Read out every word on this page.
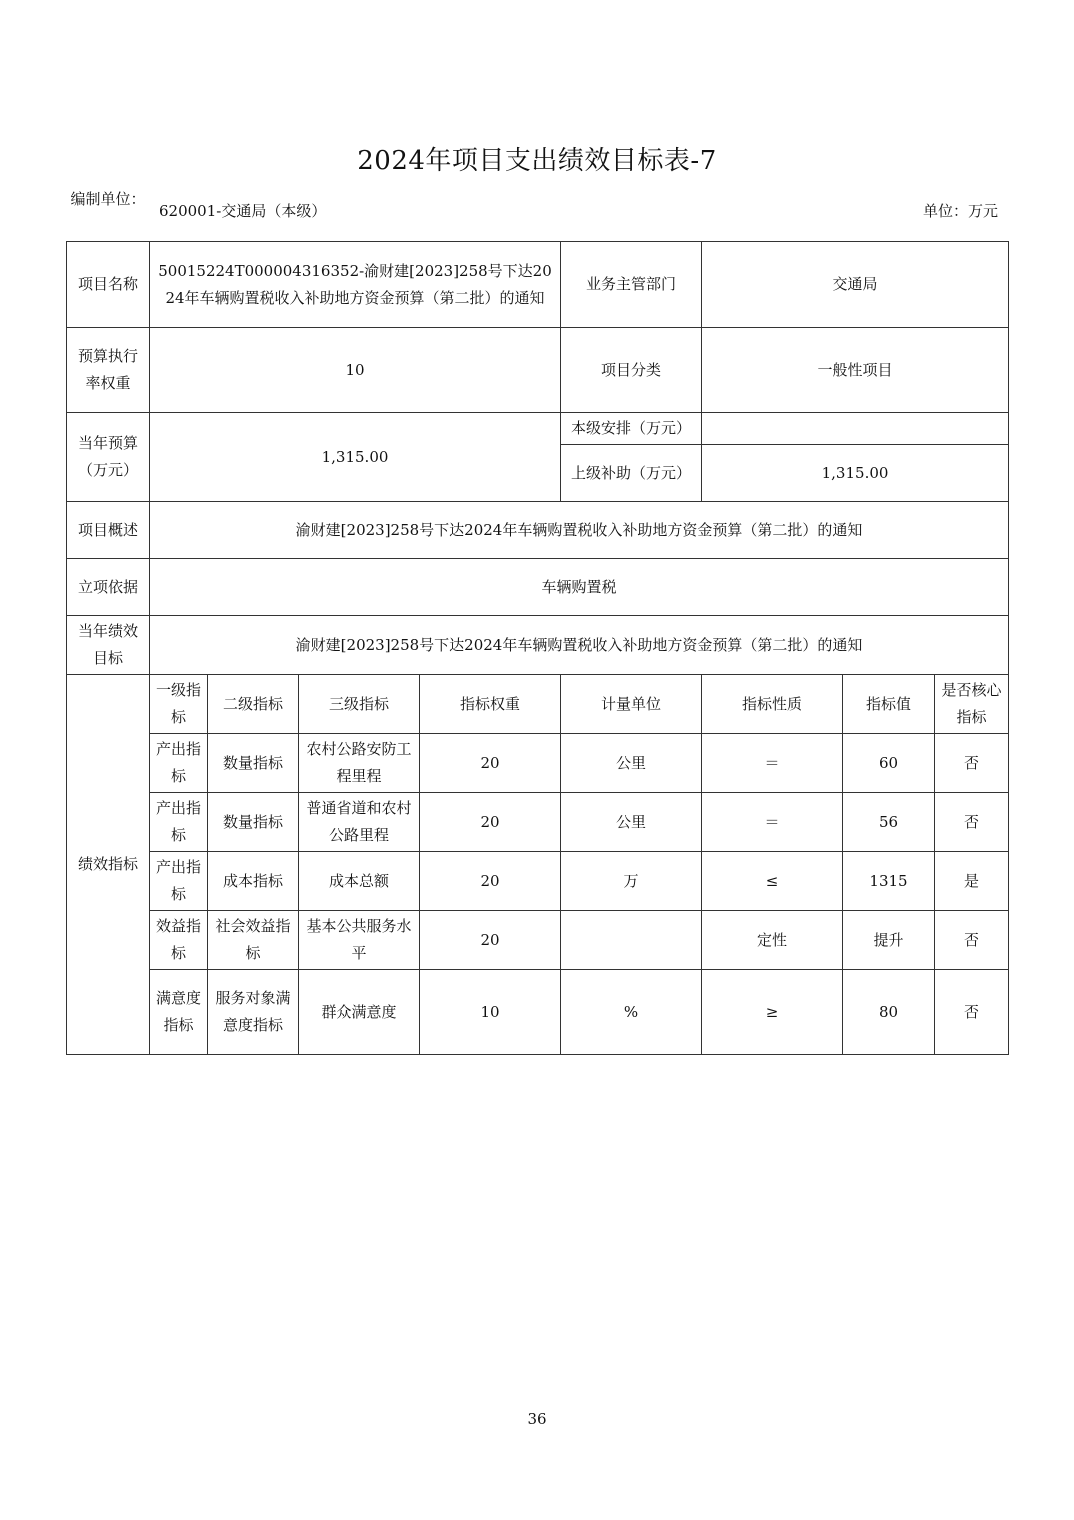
2024年项目支出绩效目标表-7
编制单位：
620001-交通局（本级）	单位：万元
项目名称	50015224T000004316352-渝财建[2023]258号下达2024年车辆购置税收入补助地方资金预算（第二批）的通知				业务主管部门	交通局		
预算执行率权重	10				项目分类	一般性项目		
当年预算（万元）	1,315.00				本级安排（万元）			
					上级补助（万元）	1,315.00		
项目概述	渝财建[2023]258号下达2024年车辆购置税收入补助地方资金预算（第二批）的通知							
立项依据	车辆购置税							
当年绩效目标	渝财建[2023]258号下达2024年车辆购置税收入补助地方资金预算（第二批）的通知							
绩效指标	一级指标	二级指标	三级指标	指标权重	计量单位	指标性质	指标值	是否核心指标
	产出指标	数量指标	农村公路安防工程里程	20	公里	＝	60	否
	产出指标	数量指标	普通省道和农村公路里程	20	公里	＝	56	否
	产出指标	成本指标	成本总额	20	万	≤	1315	是
	效益指标	社会效益指标	基本公共服务水平	20		定性	提升	否
	满意度指标	服务对象满意度指标	群众满意度	10	%	≥	80	否
36
